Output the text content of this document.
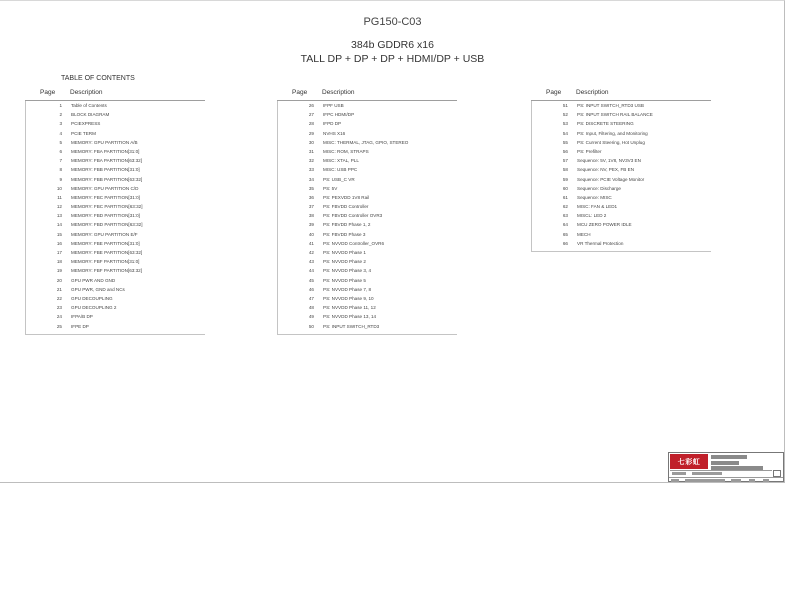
PG150-C03
384b GDDR6 x16
TALL DP + DP + DP + HDMI/DP + USB
TABLE OF CONTENTS
Page Description
1 Table of Contents
2 BLOCK DIAGRAM
3 PCIEXPRESS
4 PCIE TERM
5 MEMORY: GPU PARTITION A/B
6 MEMORY: FBA PARTITION[31:0]
7 MEMORY: FBA PARTITION[63:32]
8 MEMORY: FBB PARTITION[31:0]
9 MEMORY: FBB PARTITION[63:32]
10 MEMORY: GPU PARTITION C/D
11 MEMORY: FBC PARTITION[31:0]
12 MEMORY: FBC PARTITION[63:32]
13 MEMORY: FBD PARTITION[31:0]
14 MEMORY: FBD PARTITION[63:32]
15 MEMORY: GPU PARTITION E/F
16 MEMORY: FBE PARTITION[31:0]
17 MEMORY: FBE PARTITION[63:32]
18 MEMORY: FBF PARTITION[31:0]
19 MEMORY: FBF PARTITION[63:32]
20 GPU PWR AND GND
21 GPU PWR, GND and NCs
22 GPU DECOUPLING
23 GPU DECOUPLING 2
24 IFPA/B DP
25 IFPE DP
Page Description
26 IFPF USB
27 IFPC HDMI/DP
28 IFPD DP
29 NVHS X16
30 MISC: THERMAL, JTAG, GPIO, STEREO
31 MISC: ROM, STRAPS
32 MISC: XTAL, PLL
33 MISC: USB PPC
34 PS: USB_C VR
35 PS: 5V
36 PS: PEXVDD 1V8 Rail
37 PS: FBVDD Controller
38 PS: FBVDD Controller OVR3
39 PS: FBVDD Phase 1, 2
40 PS: FBVDD Phase 3
41 PS: NVVDD Controller_OVR6
42 PS: NVVDD Phase 1
43 PS: NVVDD Phase 2
44 PS: NVVDD Phase 3, 4
45 PS: NVVDD Phase 5
46 PS: NVVDD Phase 7, 8
47 PS: NVVDD Phase 9, 10
48 PS: NVVDD Phase 11, 12
49 PS: NVVDD Phase 13, 14
50 PS: INPUT SWITCH_RTD3
Page Description
51 PS: INPUT SWITCH_RTD3 USB
52 PS: INPUT SWITCH RAIL BALANCE
53 PS: DISCRETE STEERING
54 PS: Input, Filtering, and Monitoring
55 PS: Current Steering, Hot Unplug
56 PS: Prefilter
57 Sequence: 5V, 1V8, NV3V3 EN
58 Sequence: NV, PEX, FB EN
59 Sequence: PCIE Voltage Monitor
60 Sequence: Discharge
61 Sequence: MISC
62 MISC: FAN & LED1
63 MISCL: LED 2
64 MCU ZERO POWER IDLE
65 MECH
66 VR Thermal Protection
七彩虹
